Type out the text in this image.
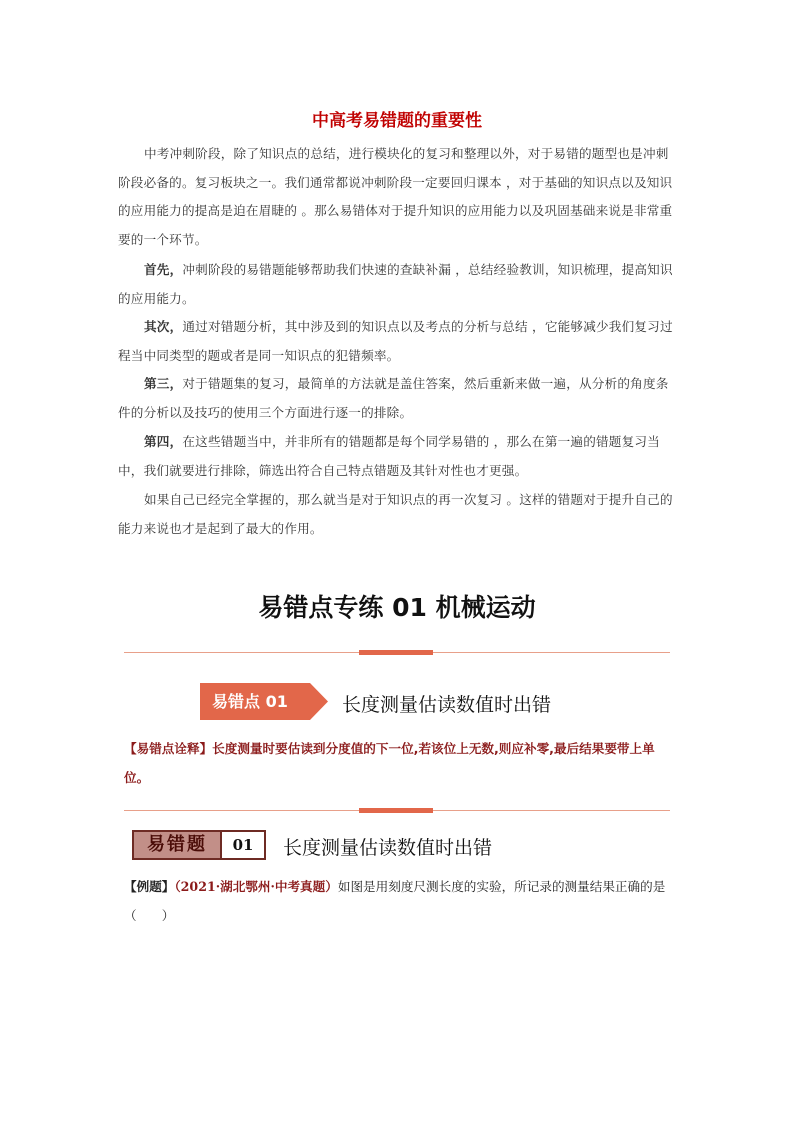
中高考易错题的重要性
中考冲刺阶段，除了知识点的总结，进行模块化的复习和整理以外，对于易错的题型也是冲刺阶段必备的。复习板块之一。我们通常都说冲刺阶段一定要回归课本 ，对于基础的知识点以及知识的应用能力的提高是迫在眉睫的 。那么易错体对于提升知识的应用能力以及巩固基础来说是非常重要的一个环节。
首先，冲刺阶段的易错题能够帮助我们快速的查缺补漏 ，总结经验教训，知识梳理，提高知识的应用能力。
其次，通过对错题分析，其中涉及到的知识点以及考点的分析与总结 ，它能够减少我们复习过程当中同类型的题或者是同一知识点的犯错频率。
第三，对于错题集的复习，最简单的方法就是盖住答案，然后重新来做一遍，从分析的角度条件的分析以及技巧的使用三个方面进行逐一的排除。
第四，在这些错题当中，并非所有的错题都是每个同学易错的 ，那么在第一遍的错题复习当中，我们就要进行排除，筛选出符合自己特点错题及其针对性也才更强。
如果自己已经完全掌握的，那么就当是对于知识点的再一次复习 。这样的错题对于提升自己的能力来说也才是起到了最大的作用。
易错点专练 01 机械运动
易错点 01	长度测量估读数值时出错
【易错点诠释】长度测量时要估读到分度值的下一位,若该位上无数,则应补零,最后结果要带上单位。
易错题	01	长度测量估读数值时出错
【例题】（2021·湖北鄂州·中考真题）如图是用刻度尺测长度的实验，所记录的测量结果正确的是（　　）
